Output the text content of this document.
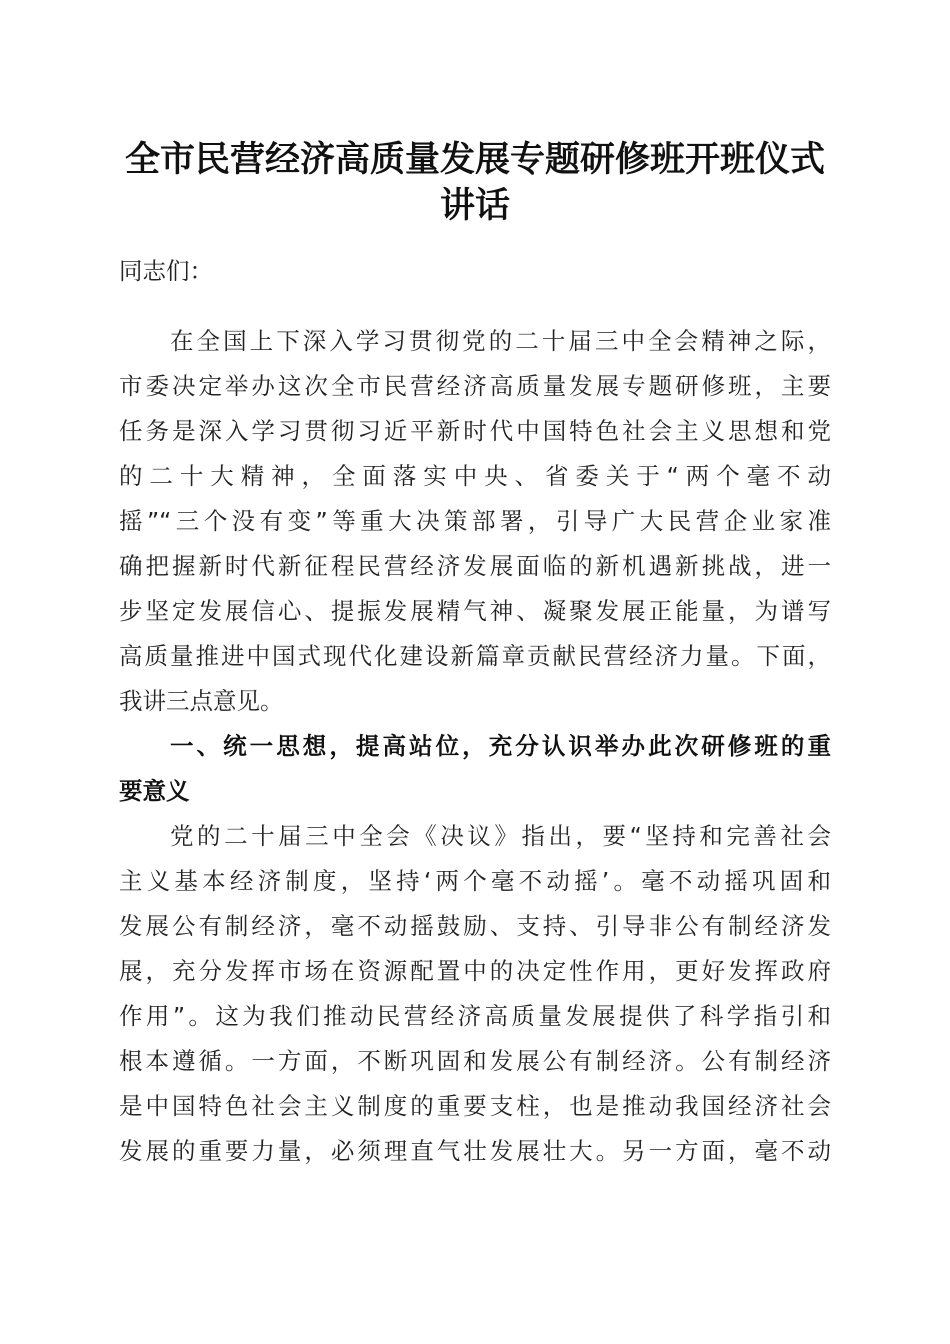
全市民营经济高质量发展专题研修班开班仪式
讲话
同志们：
在全国上下深入学习贯彻党的二十届三中全会精神之际，
市委决定举办这次全市民营经济高质量发展专题研修班，主要
任务是深入学习贯彻习近平新时代中国特色社会主义思想和党
的二十大精神，全面落实中央、省委关于“两个毫不动
摇”“三个没有变”等重大决策部署，引导广大民营企业家准
确把握新时代新征程民营经济发展面临的新机遇新挑战，进一
步坚定发展信心、提振发展精气神、凝聚发展正能量，为谱写
高质量推进中国式现代化建设新篇章贡献民营经济力量。下面，
我讲三点意见。
一、统一思想，提高站位，充分认识举办此次研修班的重
要意义
党的二十届三中全会《决议》指出，要“坚持和完善社会
主义基本经济制度，坚持‘两个毫不动摇’。毫不动摇巩固和
发展公有制经济，毫不动摇鼓励、支持、引导非公有制经济发
展，充分发挥市场在资源配置中的决定性作用，更好发挥政府
作用”。这为我们推动民营经济高质量发展提供了科学指引和
根本遵循。一方面，不断巩固和发展公有制经济。公有制经济
是中国特色社会主义制度的重要支柱，也是推动我国经济社会
发展的重要力量，必须理直气壮发展壮大。另一方面，毫不动
